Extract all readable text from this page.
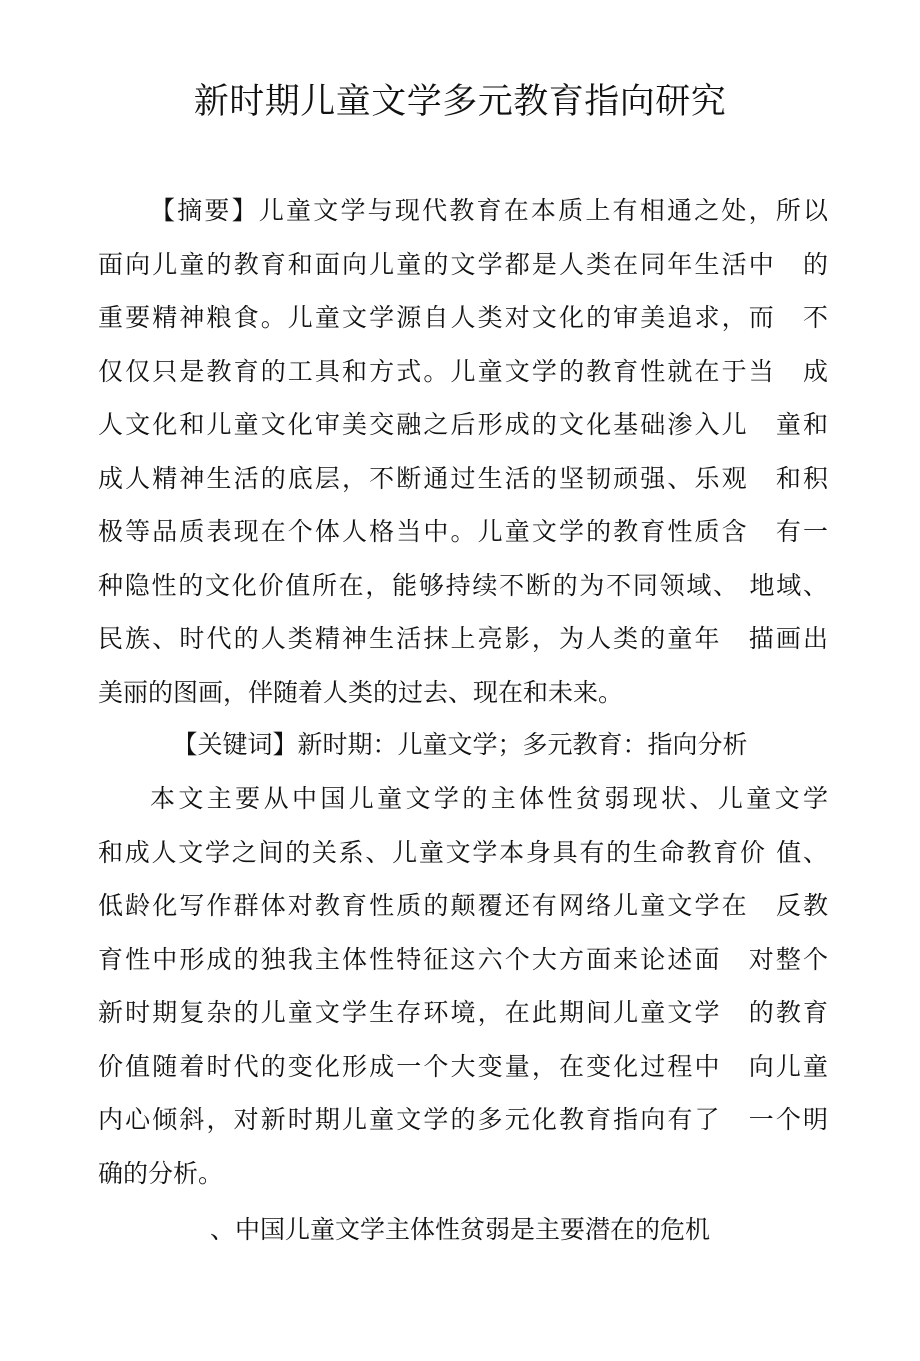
新时期儿童文学多元教育指向研究
【摘要】儿童文学与现代教育在本质上有相通之处，所以
面向儿童的教育和面向儿童的文学都是人类在同年生活中　的
重要精神粮食。儿童文学源自人类对文化的审美追求，而　不
仅仅只是教育的工具和方式。儿童文学的教育性就在于当　成
人文化和儿童文化审美交融之后形成的文化基础渗入儿　童和
成人精神生活的底层，不断通过生活的坚韧顽强、乐观　和积
极等品质表现在个体人格当中。儿童文学的教育性质含　有一
种隐性的文化价值所在，能够持续不断的为不同领域、 地域、
民族、时代的人类精神生活抹上亮影，为人类的童年　描画出
美丽的图画，伴随着人类的过去、现在和未来。

【关键词】新时期：儿童文学；多元教育：指向分析

本文主要从中国儿童文学的主体性贫弱现状、儿童文学
和成人文学之间的关系、儿童文学本身具有的生命教育价 值、
低龄化写作群体对教育性质的颠覆还有网络儿童文学在　反教
育性中形成的独我主体性特征这六个大方面来论述面　对整个
新时期复杂的儿童文学生存环境，在此期间儿童文学　的教育
价值随着时代的变化形成一个大变量，在变化过程中　向儿童
内心倾斜，对新时期儿童文学的多元化教育指向有了　一个明
确的分析。
、中国儿童文学主体性贫弱是主要潜在的危机
